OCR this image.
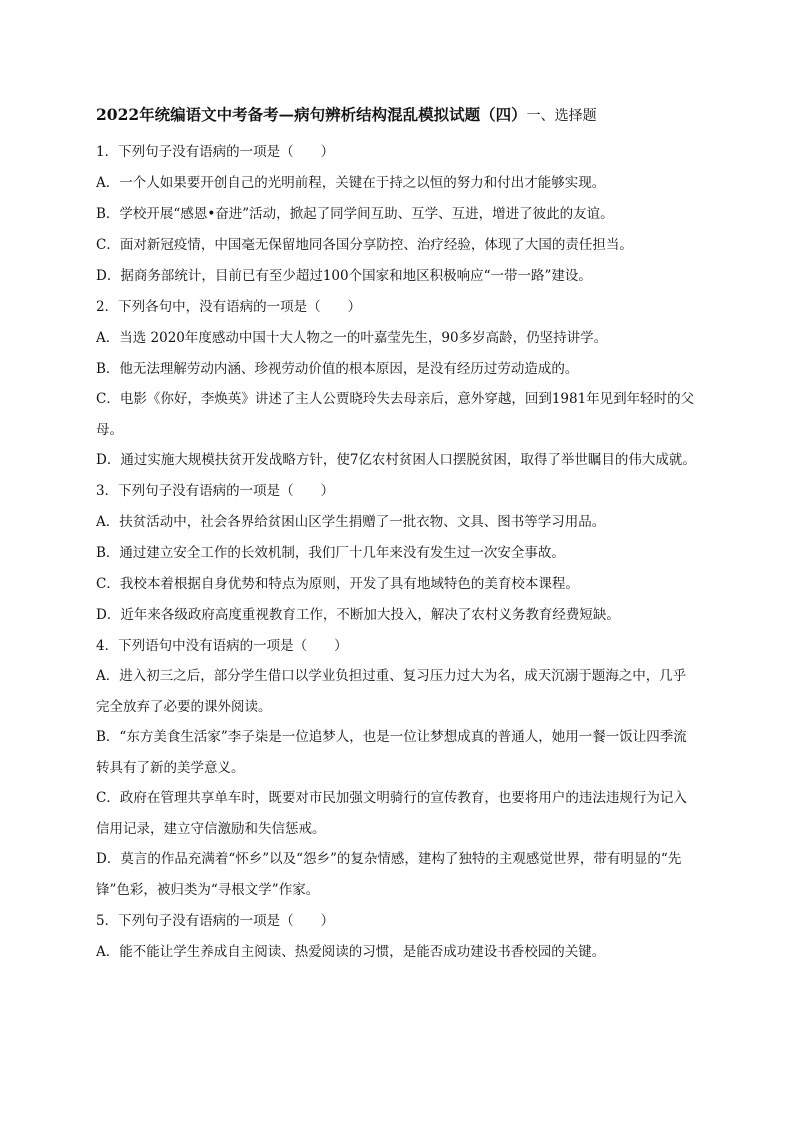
2022年统编语文中考备考—病句辨析结构混乱模拟试题（四）一、选择题
1．下列句子没有语病的一项是（　　）
A．一个人如果要开创自己的光明前程，关键在于持之以恒的努力和付出才能够实现。
B．学校开展“感恩•奋进”活动，掀起了同学间互助、互学、互进，增进了彼此的友谊。
C．面对新冠疫情，中国毫无保留地同各国分享防控、治疗经验，体现了大国的责任担当。
D．据商务部统计，目前已有至少超过100个国家和地区积极响应“一带一路”建设。
2．下列各句中，没有语病的一项是（　　）
A．当选 2020年度感动中国十大人物之一的叶嘉莹先生，90多岁高龄，仍坚持讲学。
B．他无法理解劳动内涵、珍视劳动价值的根本原因，是没有经历过劳动造成的。
C．电影《你好，李焕英》讲述了主人公贾晓玲失去母亲后，意外穿越，回到1981年见到年轻时的父母。
D．通过实施大规模扶贫开发战略方针，使7亿农村贫困人口摆脱贫困，取得了举世瞩目的伟大成就。
3．下列句子没有语病的一项是（　　）
A．扶贫活动中，社会各界给贫困山区学生捐赠了一批衣物、文具、图书等学习用品。
B．通过建立安全工作的长效机制，我们厂十几年来没有发生过一次安全事故。
C．我校本着根据自身优势和特点为原则，开发了具有地域特色的美育校本课程。
D．近年来各级政府高度重视教育工作，不断加大投入，解决了农村义务教育经费短缺。
4．下列语句中没有语病的一项是（　　）
A．进入初三之后，部分学生借口以学业负担过重、复习压力过大为名，成天沉溺于题海之中，几乎完全放弃了必要的课外阅读。
B．“东方美食生活家”李子柒是一位追梦人，也是一位让梦想成真的普通人，她用一餐一饭让四季流转具有了新的美学意义。
C．政府在管理共享单车时，既要对市民加强文明骑行的宣传教育，也要将用户的违法违规行为记入信用记录，建立守信激励和失信惩戒。
D．莫言的作品充满着“怀乡”以及“怨乡”的复杂情感，建构了独特的主观感觉世界，带有明显的“先锋”色彩，被归类为“寻根文学”作家。
5．下列句子没有语病的一项是（　　）
A．能不能让学生养成自主阅读、热爱阅读的习惯，是能否成功建设书香校园的关键。
